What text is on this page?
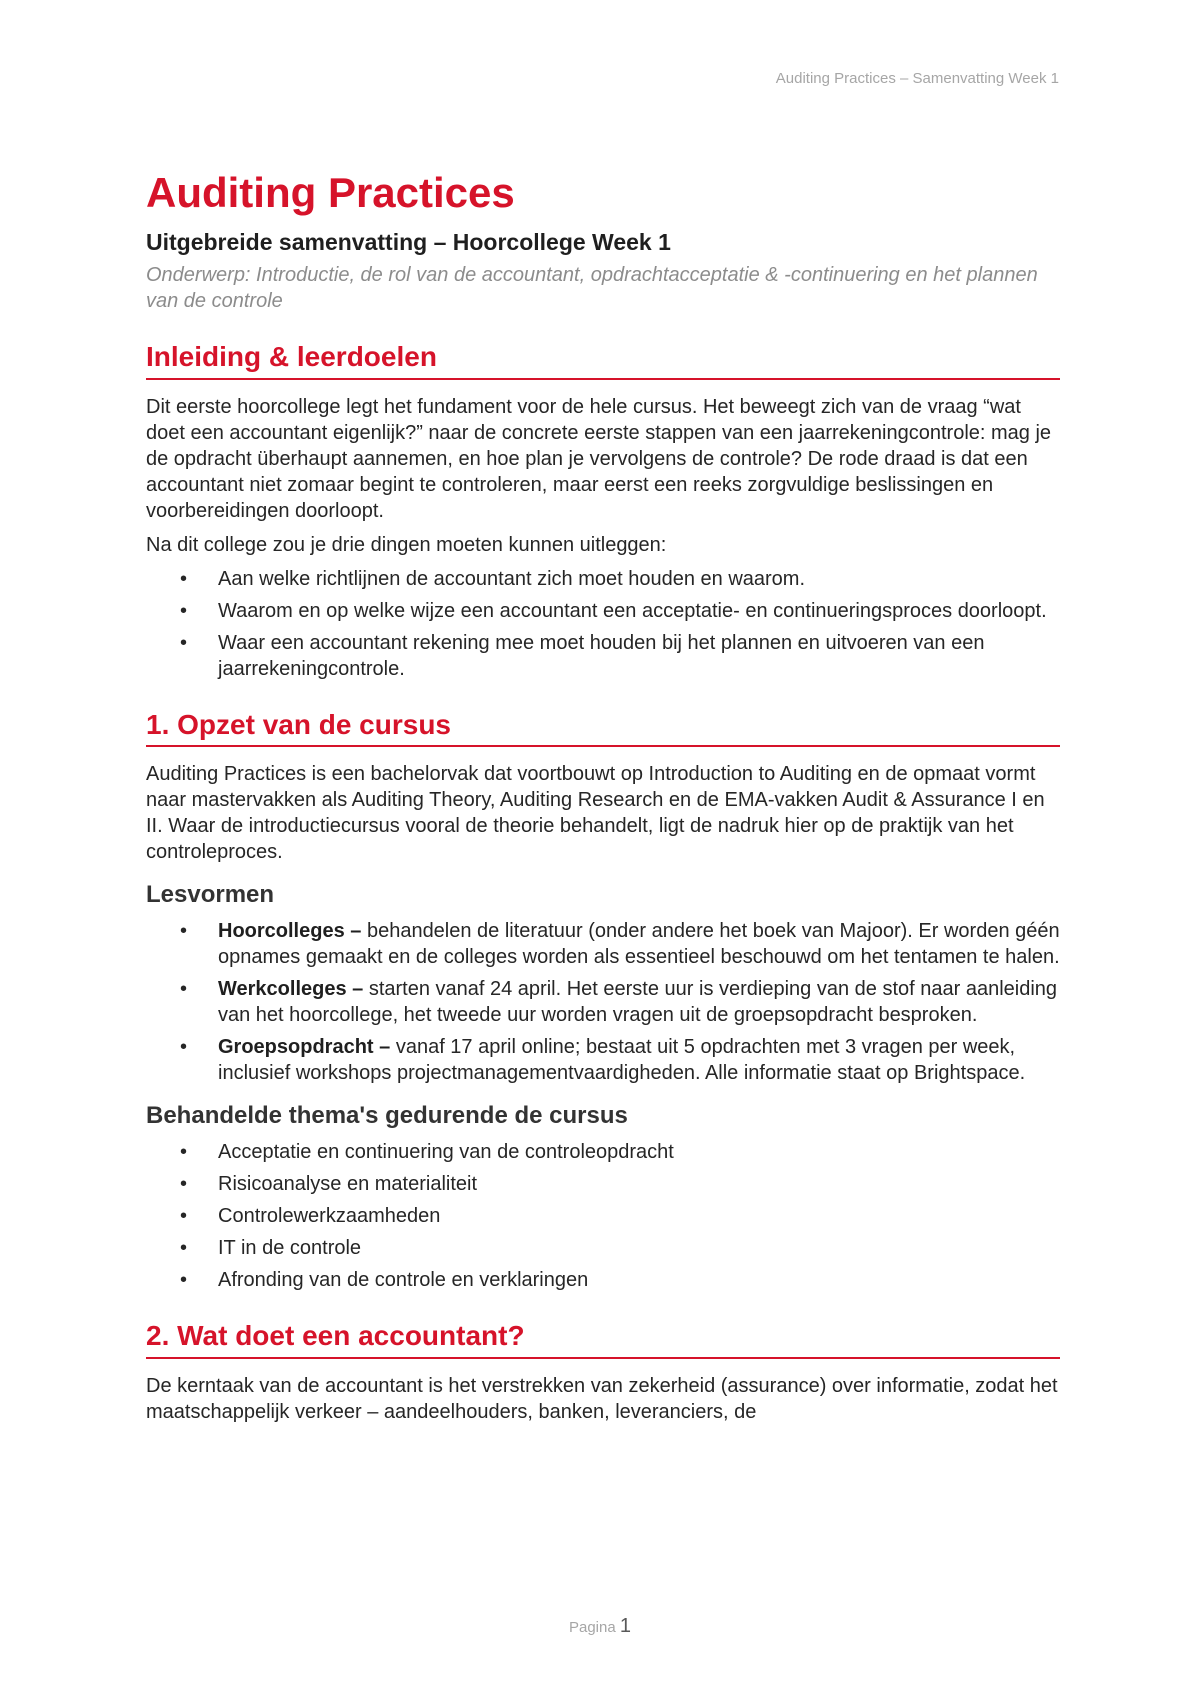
Auditing Practices – Samenvatting Week 1
Auditing Practices

Uitgebreide samenvatting – Hoorcollege Week 1

Onderwerp: Introductie, de rol van de accountant, opdrachtacceptatie & -continuering en het plannen van de controle

Inleiding & leerdoelen

Dit eerste hoorcollege legt het fundament voor de hele cursus. Het beweegt zich van de vraag “wat doet een accountant eigenlijk?” naar de concrete eerste stappen van een jaarrekeningcontrole: mag je de opdracht überhaupt aannemen, en hoe plan je vervolgens de controle? De rode draad is dat een accountant niet zomaar begint te controleren, maar eerst een reeks zorgvuldige beslissingen en voorbereidingen doorloopt.

Na dit college zou je drie dingen moeten kunnen uitleggen:

• Aan welke richtlijnen de accountant zich moet houden en waarom.
• Waarom en op welke wijze een accountant een acceptatie- en continueringsproces doorloopt.
• Waar een accountant rekening mee moet houden bij het plannen en uitvoeren van een jaarrekeningcontrole.
1. Opzet van de cursus

Auditing Practices is een bachelorvak dat voortbouwt op Introduction to Auditing en de opmaat vormt naar mastervakken als Auditing Theory, Auditing Research en de EMA-vakken Audit & Assurance I en II. Waar de introductiecursus vooral de theorie behandelt, ligt de nadruk hier op de praktijk van het controleproces.

Lesvormen
• Hoorcolleges – behandelen de literatuur (onder andere het boek van Majoor). Er worden géén opnames gemaakt en de colleges worden als essentieel beschouwd om het tentamen te halen.
• Werkcolleges – starten vanaf 24 april. Het eerste uur is verdieping van de stof naar aanleiding van het hoorcollege, het tweede uur worden vragen uit de groepsopdracht besproken.
• Groepsopdracht – vanaf 17 april online; bestaat uit 5 opdrachten met 3 vragen per week, inclusief workshops projectmanagementvaardigheden. Alle informatie staat op Brightspace.
Behandelde thema's gedurende de cursus
• Acceptatie en continuering van de controleopdracht
• Risicoanalyse en materialiteit
• Controlewerkzaamheden
• IT in de controle
• Afronding van de controle en verklaringen
2. Wat doet een accountant?

De kerntaak van de accountant is het verstrekken van zekerheid (assurance) over informatie, zodat het maatschappelijk verkeer – aandeelhouders, banken, leveranciers, de

Pagina 1
